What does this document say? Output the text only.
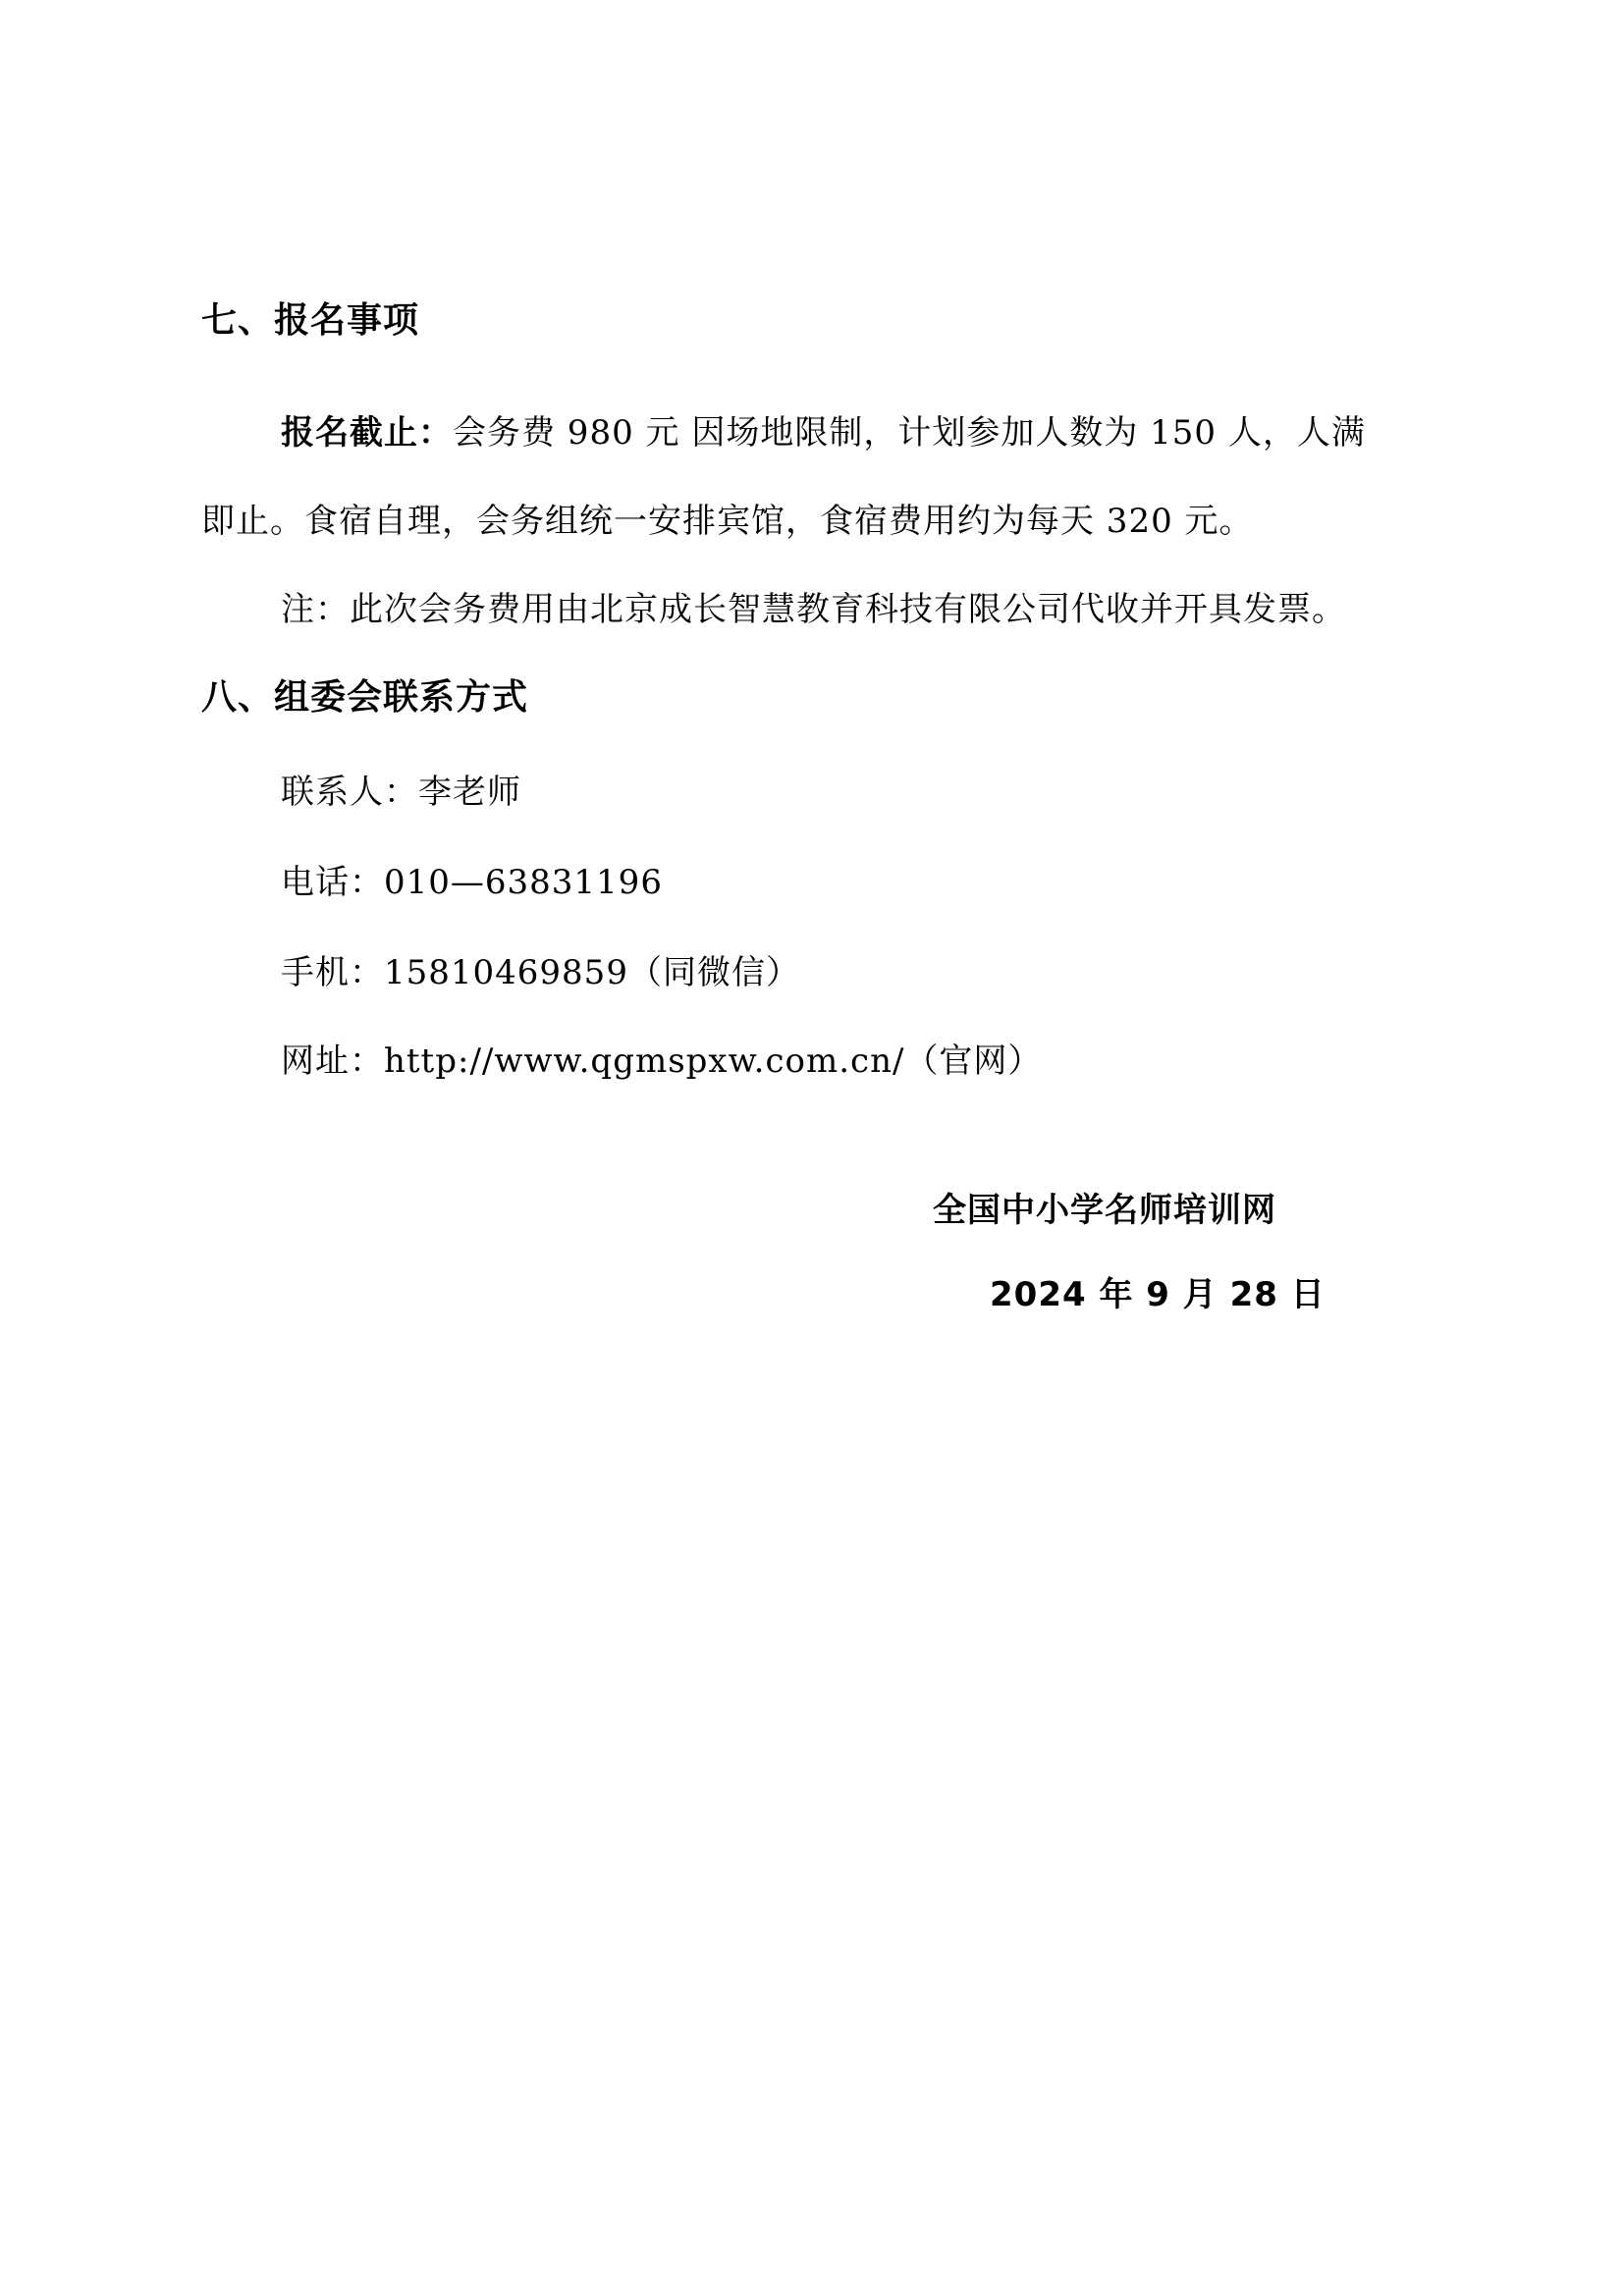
七、报名事项
报名截止：会务费 980 元 因场地限制，计划参加人数为 150 人，人满
即止。食宿自理，会务组统一安排宾馆，食宿费用约为每天 320 元。
注：此次会务费用由北京成长智慧教育科技有限公司代收并开具发票。
八、组委会联系方式
联系人：李老师
电话：010—63831196
手机：15810469859（同微信）
网址：http://www.qgmspxw.com.cn/（官网）
全国中小学名师培训网
2024 年 9 月 28 日
